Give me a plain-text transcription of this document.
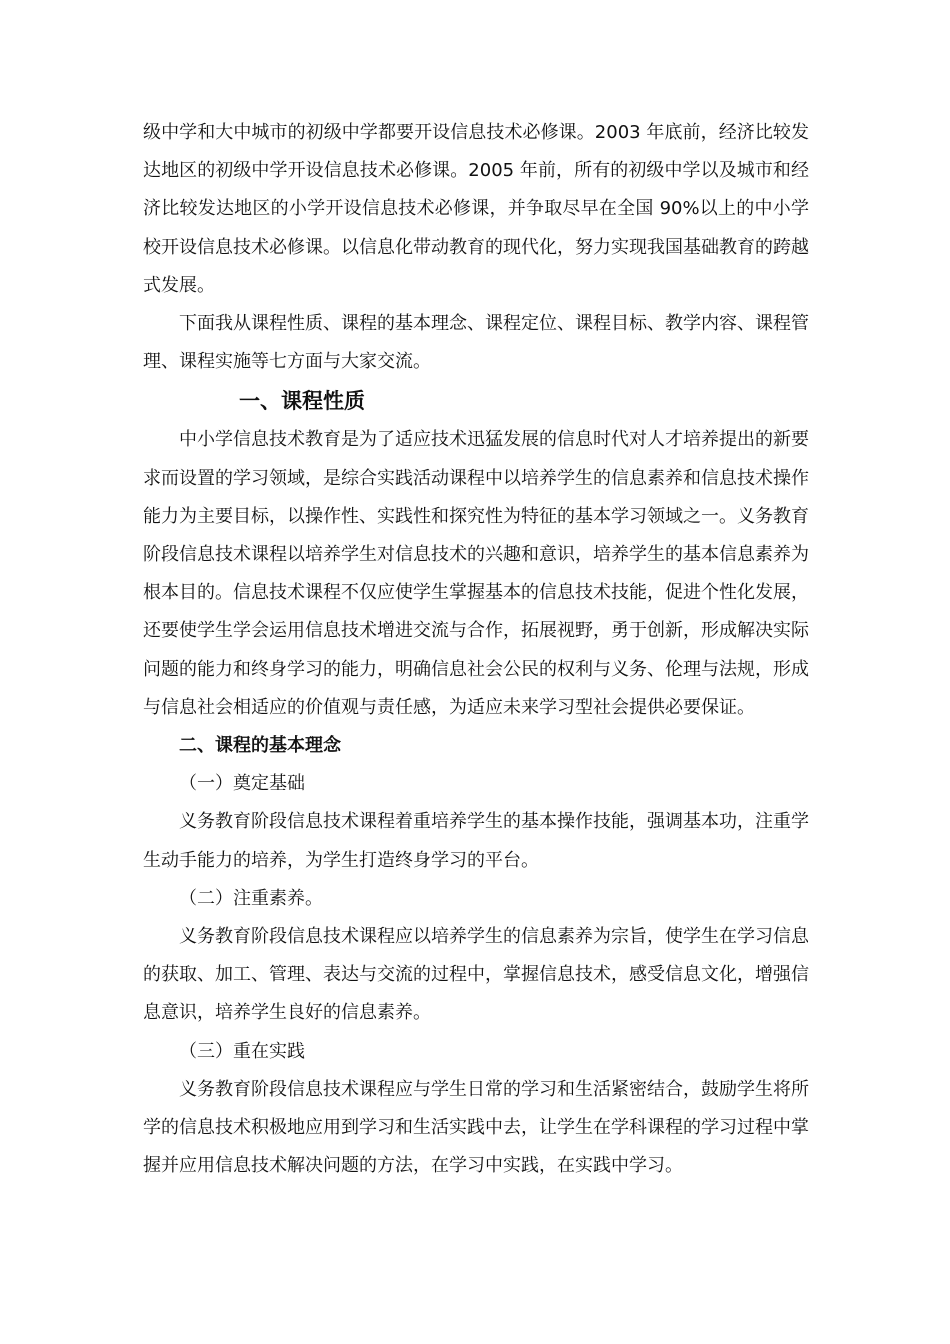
级中学和大中城市的初级中学都要开设信息技术必修课。2003 年底前，经济比较发达地区的初级中学开设信息技术必修课。2005 年前，所有的初级中学以及城市和经济比较发达地区的小学开设信息技术必修课，并争取尽早在全国 90%以上的中小学校开设信息技术必修课。以信息化带动教育的现代化，努力实现我国基础教育的跨越式发展。

下面我从课程性质、课程的基本理念、课程定位、课程目标、教学内容、课程管理、课程实施等七方面与大家交流。

一、课程性质

中小学信息技术教育是为了适应技术迅猛发展的信息时代对人才培养提出的新要求而设置的学习领域，是综合实践活动课程中以培养学生的信息素养和信息技术操作能力为主要目标，以操作性、实践性和探究性为特征的基本学习领域之一。义务教育阶段信息技术课程以培养学生对信息技术的兴趣和意识，培养学生的基本信息素养为根本目的。信息技术课程不仅应使学生掌握基本的信息技术技能，促进个性化发展，还要使学生学会运用信息技术增进交流与合作，拓展视野，勇于创新，形成解决实际问题的能力和终身学习的能力，明确信息社会公民的权利与义务、伦理与法规，形成与信息社会相适应的价值观与责任感，为适应未来学习型社会提供必要保证。

二、课程的基本理念

（一）奠定基础

义务教育阶段信息技术课程着重培养学生的基本操作技能，强调基本功，注重学生动手能力的培养，为学生打造终身学习的平台。

（二）注重素养。

义务教育阶段信息技术课程应以培养学生的信息素养为宗旨，使学生在学习信息的获取、加工、管理、表达与交流的过程中，掌握信息技术，感受信息文化，增强信息意识，培养学生良好的信息素养。

（三）重在实践

义务教育阶段信息技术课程应与学生日常的学习和生活紧密结合，鼓励学生将所学的信息技术积极地应用到学习和生活实践中去，让学生在学科课程的学习过程中掌握并应用信息技术解决问题的方法，在学习中实践，在实践中学习。
